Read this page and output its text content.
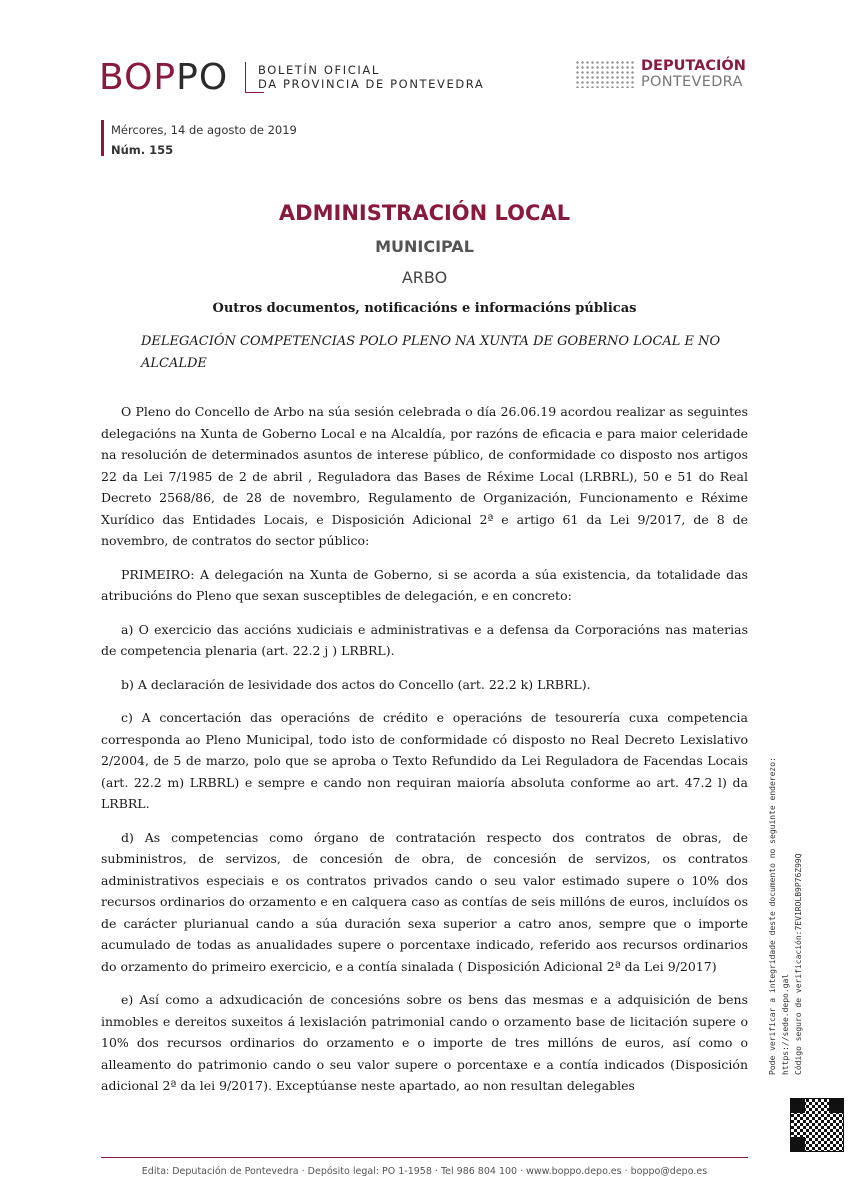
BOPPO	BOLETÍN OFICIAL
DA PROVINCIA DE PONTEVEDRA
DEPUTACIÓN
PONTEVEDRA
Mércores, 14 de agosto de 2019
Núm. 155
ADMINISTRACIÓN LOCAL
MUNICIPAL
ARBO
Outros documentos, notificacións e informacións públicas
DELEGACIÓN COMPETENCIAS POLO PLENO NA XUNTA DE GOBERNO LOCAL E NO ALCALDE

O Pleno do Concello de Arbo na súa sesión celebrada o día 26.06.19 acordou realizar as seguintes delegacións na Xunta de Goberno Local e na Alcaldía, por razóns de eficacia e para maior celeridade na resolución de determinados asuntos de interese público, de conformidade co disposto nos artigos 22 da Lei 7/1985 de 2 de abril , Reguladora das Bases de Réxime Local (LRBRL), 50 e 51 do Real Decreto 2568/86, de 28 de novembro, Regulamento de Organización, Funcionamento e Réxime Xurídico das Entidades Locais, e Disposición Adicional 2ª e artigo 61 da Lei 9/2017, de 8 de novembro, de contratos do sector público:

PRIMEIRO: A delegación na Xunta de Goberno, si se acorda a súa existencia, da totalidade das atribucións do Pleno que sexan susceptibles de delegación, e en concreto:

a) O exercicio das accións xudiciais e administrativas e a defensa da Corporacións nas materias de competencia plenaria (art. 22.2 j ) LRBRL).

b) A declaración de lesividade dos actos do Concello (art. 22.2 k) LRBRL).

c) A concertación das operacións de crédito e operacións de tesourería cuxa competencia corresponda ao Pleno Municipal, todo isto de conformidade có disposto no Real Decreto Lexislativo 2/2004, de 5 de marzo, polo que se aproba o Texto Refundido da Lei Reguladora de Facendas Locais (art. 22.2 m) LRBRL) e sempre e cando non requiran maioría absoluta conforme ao art. 47.2 l) da LRBRL.

d) As competencias como órgano de contratación respecto dos contratos de obras, de subministros, de servizos, de concesión de obra, de concesión de servizos, os contratos administrativos especiais e os contratos privados cando o seu valor estimado supere o 10% dos recursos ordinarios do orzamento e en calquera caso as contías de seis millóns de euros, incluídos os de carácter plurianual cando a súa duración sexa superior a catro anos, sempre que o importe acumulado de todas as anualidades supere o porcentaxe indicado, referido aos recursos ordinarios do orzamento do primeiro exercicio, e a contía sinalada ( Disposición Adicional 2ª da Lei 9/2017)

e) Así como a adxudicación de concesións sobre os bens das mesmas e a adquisición de bens inmobles e dereitos suxeitos á lexislación patrimonial cando o orzamento base de licitación supere o 10% dos recursos ordinarios do orzamento e o importe de tres millóns de euros, así como o alleamento do patrimonio cando o seu valor supere o porcentaxe e a contía indicados (Disposición adicional 2ª da lei 9/2017). Exceptúanse neste apartado, ao non resultan delegables

Pode verificar a integridade deste documento no seguinte enderezo: https://sede.depo.gal Código seguro de verificación:7EV1ROLB9P76Z99Q
Edita: Deputación de Pontevedra · Depósito legal: PO 1-1958 · Tel 986 804 100 · www.boppo.depo.es · boppo@depo.es
